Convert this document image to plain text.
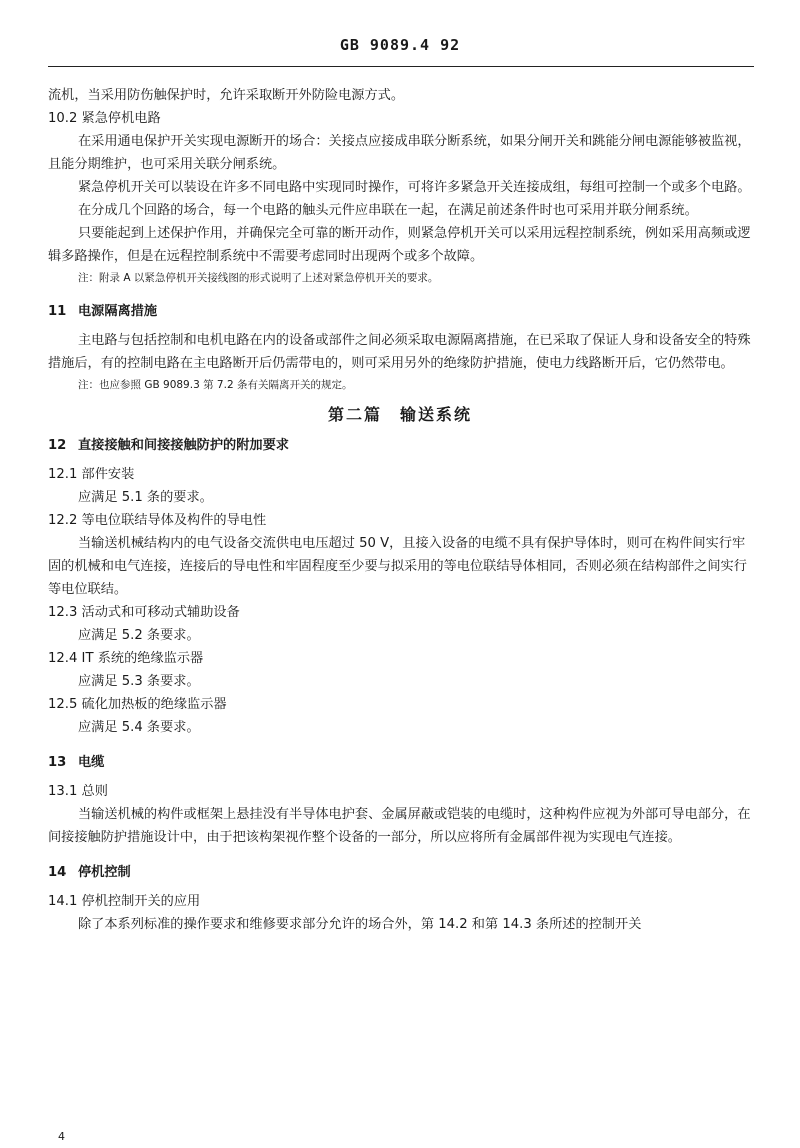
GB 9089.4 92

流机，当采用防伤触保护时，允许采取断开外防险电源方式。

10.2 紧急停机电路

在采用通电保护开关实现电源断开的场合：关接点应接成串联分断系统，如果分闸开关和跳能分闸电源能够被监视，且能分期维护，也可采用关联分闸系统。

紧急停机开关可以装设在许多不同电路中实现同时操作，可将许多紧急开关连接成组，每组可控制一个或多个电路。

在分成几个回路的场合，每一个电路的触头元件应串联在一起，在满足前述条件时也可采用并联分闸系统。

只要能起到上述保护作用，并确保完全可靠的断开动作，则紧急停机开关可以采用远程控制系统，例如采用高频或逻辑多路操作，但是在远程控制系统中不需要考虑同时出现两个或多个故障。

注：附录 A 以紧急停机开关接线图的形式说明了上述对紧急停机开关的要求。

11 电源隔离措施

主电路与包括控制和电机电路在内的设备或部件之间必须采取电源隔离措施，在已采取了保证人身和设备安全的特殊措施后，有的控制电路在主电路断开后仍需带电的，则可采用另外的绝缘防护措施，使电力线路断开后，它仍然带电。

注：也应参照 GB 9089.3 第 7.2 条有关隔离开关的规定。

第二篇　输送系统

12 直接接触和间接接触防护的附加要求

12.1 部件安装

应满足 5.1 条的要求。

12.2 等电位联结导体及构件的导电性

当输送机械结构内的电气设备交流供电电压超过 50 V，且接入设备的电缆不具有保护导体时，则可在构件间实行牢固的机械和电气连接，连接后的导电性和牢固程度至少要与拟采用的等电位联结导体相同，否则必须在结构部件之间实行等电位联结。

12.3 活动式和可移动式辅助设备

应满足 5.2 条要求。

12.4 IT 系统的绝缘监示器

应满足 5.3 条要求。

12.5 硫化加热板的绝缘监示器

应满足 5.4 条要求。

13 电缆

13.1 总则

当输送机械的构件或框架上悬挂没有半导体电护套、金属屏蔽或铠装的电缆时，这种构件应视为外部可导电部分，在间接接触防护措施设计中，由于把该构架视作整个设备的一部分，所以应将所有金属部件视为实现电气连接。

14 停机控制

14.1 停机控制开关的应用

除了本系列标准的操作要求和维修要求部分允许的场合外，第 14.2 和第 14.3 条所述的控制开关

4
